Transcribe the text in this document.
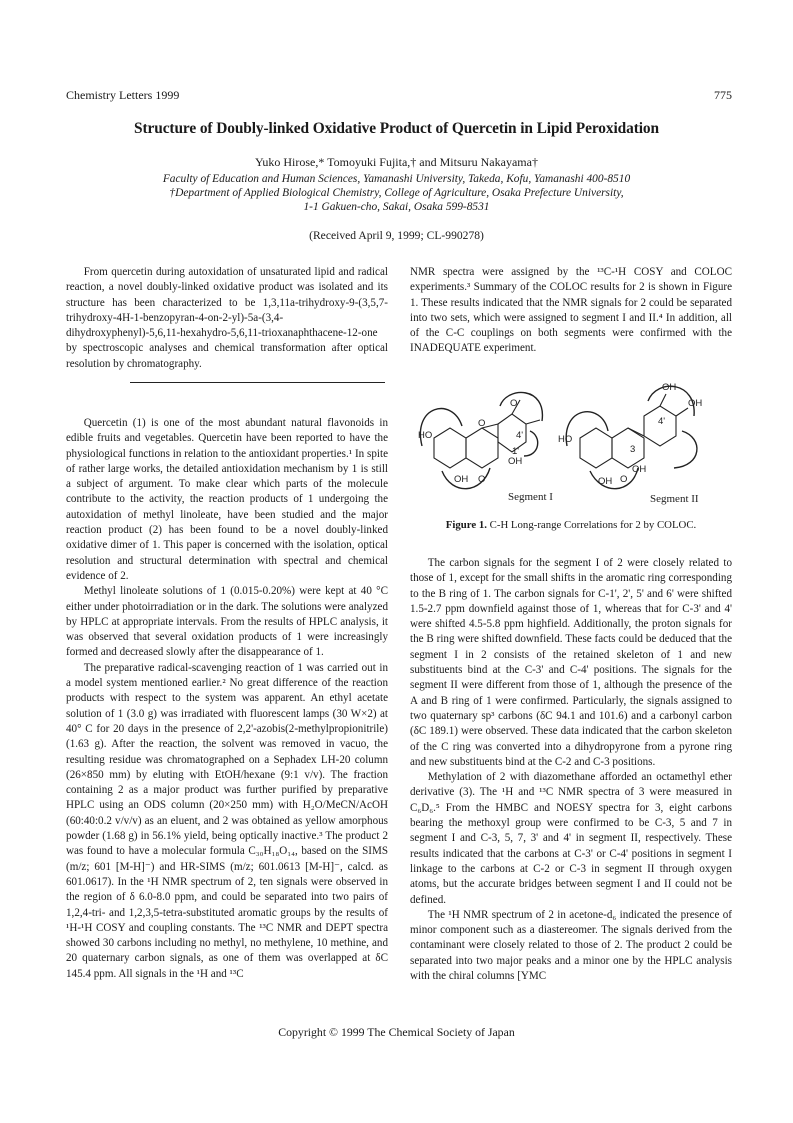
Chemistry Letters 1999	775
Structure of Doubly-linked Oxidative Product of Quercetin in Lipid Peroxidation
Yuko Hirose,* Tomoyuki Fujita,† and Mitsuru Nakayama†
Faculty of Education and Human Sciences, Yamanashi University, Takeda, Kofu, Yamanashi 400-8510
†Department of Applied Biological Chemistry, College of Agriculture, Osaka Prefecture University,
1-1 Gakuen-cho, Sakai, Osaka 599-8531
(Received April 9, 1999; CL-990278)

From quercetin during autoxidation of unsaturated lipid and radical reaction, a novel doubly-linked oxidative product was isolated and its structure has been characterized to be 1,3,11a-trihydroxy-9-(3,5,7-trihydroxy-4H-1-benzopyran-4-on-2-yl)-5a-(3,4-dihydroxyphenyl)-5,6,11-hexahydro-5,6,11-trioxanaphthacene-12-one by spectroscopic analyses and chemical transformation after optical resolution by chromatography.

Quercetin (1) is one of the most abundant natural flavonoids in edible fruits and vegetables. Quercetin have been reported to have the physiological functions in relation to the antioxidant properties.¹ In spite of rather large works, the detailed antioxidation mechanism by 1 is still a subject of argument. To make clear which parts of the molecule contribute to the activity, the reaction products of 1 undergoing the autoxidation of methyl linoleate, have been studied and the major reaction product (2) has been found to be a novel doubly-linked oxidative dimer of 1. This paper is concerned with the isolation, optical resolution and structural determination with spectral and chemical evidence of 2.

Methyl linoleate solutions of 1 (0.015-0.20%) were kept at 40 °C either under photoirradiation or in the dark. The solutions were analyzed by HPLC at appropriate intervals. From the results of HPLC analysis, it was observed that several oxidation products of 1 were increasingly formed and decreased slowly after the disappearance of 1.

The preparative radical-scavenging reaction of 1 was carried out in a model system mentioned earlier.² No great difference of the reaction products with respect to the system was apparent. An ethyl acetate solution of 1 (3.0 g) was irradiated with fluorescent lamps (30 W×2) at 40° C for 20 days in the presence of 2,2'-azobis(2-methylpropionitrile) (1.63 g). After the reaction, the solvent was removed in vacuo, the resulting residue was chromatographed on a Sephadex LH-20 column (26×850 mm) by eluting with EtOH/hexane (9:1 v/v). The fraction containing 2 as a major product was further purified by preparative HPLC using an ODS column (20×250 mm) with H₂O/MeCN/AcOH (60:40:0.2 v/v/v) as an eluent, and 2 was obtained as yellow amorphous powder (1.68 g) in 56.1% yield, being optically inactive.³ The product 2 was found to have a molecular formula C₃₀H₁₈O₁₄, based on the SIMS (m/z; 601 [M-H]⁻) and HR-SIMS (m/z; 601.0613 [M-H]⁻, calcd. as 601.0617). In the ¹H NMR spectrum of 2, ten signals were observed in the region of δ 6.0-8.0 ppm, and could be separated into two pairs of 1,2,4-tri- and 1,2,3,5-tetra-substituted aromatic groups by the results of ¹H-¹H COSY and coupling constants. The ¹³C NMR and DEPT spectra showed 30 carbons including no methyl, no methylene, 10 methine, and 20 quaternary carbon signals, as one of them was overlapped at δC 145.4 ppm. All signals in the ¹H and ¹³C

NMR spectra were assigned by the ¹³C-¹H COSY and COLOC experiments.³ Summary of the COLOC results for 2 is shown in Figure 1. These results indicated that the NMR signals for 2 could be separated into two sets, which were assigned to segment I and II.⁴ In addition, all of the C-C couplings on both segments were confirmed with the INADEQUATE experiment.

HO
OH O
OH
O
O
4'
1'
HO
OH O
OH
OH
OH
4'
3
Segment I	Segment II
Figure 1. C-H Long-range Correlations for 2 by COLOC.

The carbon signals for the segment I of 2 were closely related to those of 1, except for the small shifts in the aromatic ring corresponding to the B ring of 1. The carbon signals for C-1', 2', 5' and 6' were shifted 1.5-2.7 ppm downfield against those of 1, whereas that for C-3' and 4' were shifted 4.5-5.8 ppm highfield. Additionally, the proton signals for the B ring were shifted downfield. These facts could be deduced that the segment I in 2 consists of the retained skeleton of 1 and new substituents bind at the C-3' and C-4' positions. The signals for the segment II were different from those of 1, although the presence of the A and B ring of 1 were confirmed. Particularly, the signals assigned to two quaternary sp³ carbons (δC 94.1 and 101.6) and a carbonyl carbon (δC 189.1) were observed. These data indicated that the carbon skeleton of the C ring was converted into a dihydropyrone from a pyrone ring and new substituents bind at the C-2 and C-3 positions.

Methylation of 2 with diazomethane afforded an octamethyl ether derivative (3). The ¹H and ¹³C NMR spectra of 3 were measured in C₆D₆.⁵ From the HMBC and NOESY spectra for 3, eight carbons bearing the methoxyl group were confirmed to be C-3, 5 and 7 in segment I and C-3, 5, 7, 3' and 4' in segment II, respectively. These results indicated that the carbons at C-3' or C-4' positions in segment I linkage to the carbons at C-2 or C-3 in segment II through oxygen atoms, but the accurate bridges between segment I and II could not be defined.

The ¹H NMR spectrum of 2 in acetone-d₆ indicated the presence of minor component such as a diastereomer. The signals derived from the contaminant were closely related to those of 2. The product 2 could be separated into two major peaks and a minor one by the HPLC analysis with the chiral columns [YMC

Copyright © 1999 The Chemical Society of Japan
